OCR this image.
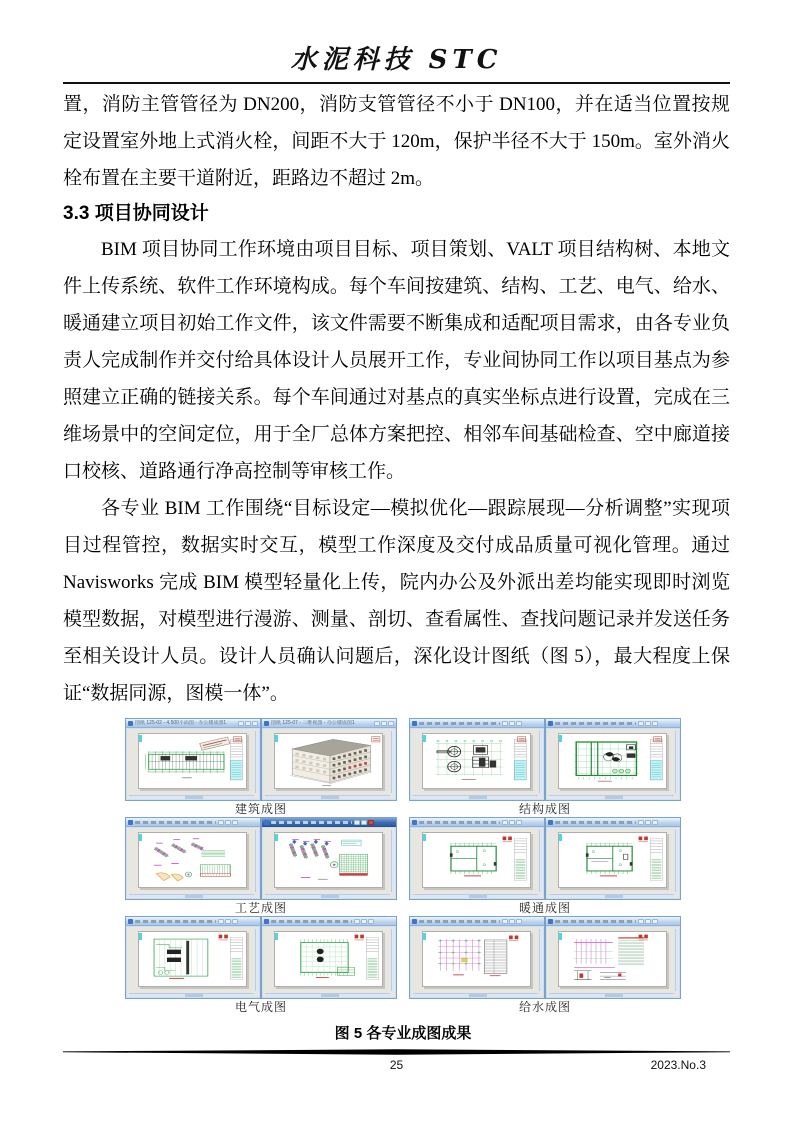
水泥科技 STC

置，消防主管管径为 DN200，消防支管管径不小于 DN100，并在适当位置按规定设置室外地上式消火栓，间距不大于 120m，保护半径不大于 150m。室外消火栓布置在主要干道附近，距路边不超过 2m。

3.3 项目协同设计

BIM 项目协同工作环境由项目目标、项目策划、VALT 项目结构树、本地文件上传系统、软件工作环境构成。每个车间按建筑、结构、工艺、电气、给水、暖通建立项目初始工作文件，该文件需要不断集成和适配项目需求，由各专业负责人完成制作并交付给具体设计人员展开工作，专业间协同工作以项目基点为参照建立正确的链接关系。每个车间通过对基点的真实坐标点进行设置，完成在三维场景中的空间定位，用于全厂总体方案把控、相邻车间基础检查、空中廊道接口校核、道路通行净高控制等审核工作。

各专业 BIM 工作围绕“目标设定—模拟优化—跟踪展现—分析调整”实现项目过程管控，数据实时交互，模型工作深度及交付成品质量可视化管理。通过 Navisworks 完成 BIM 模型轻量化上传，院内办公及外派出差均能实现即时浏览模型数据，对模型进行漫游、测量、剖切、查看属性、查找问题记录并发送任务至相关设计人员。设计人员确认问题后，深化设计图纸（图 5），最大程度上保证“数据同源，图模一体”。

图纸 125-02 - 4.500平面图 - 办公楼成图1	图纸 125-07 - 三维视图 - 办公楼成图1
建筑成图	结构成图
工艺成图	暖通成图
电气成图	给水成图
图 5 各专业成图成果
25	2023.No.3
